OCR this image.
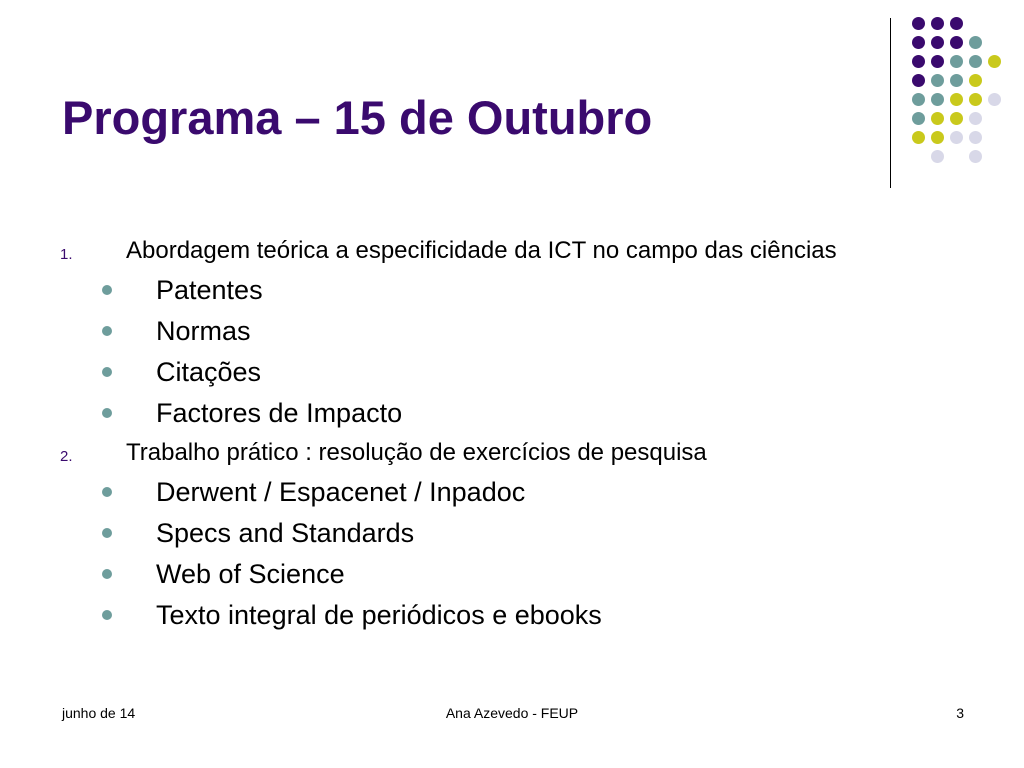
Programa – 15 de Outubro
1. Abordagem teórica a especificidade da ICT no campo das ciências
Patentes
Normas
Citações
Factores de Impacto
2. Trabalho prático : resolução de exercícios de pesquisa
Derwent / Espacenet / Inpadoc
Specs and Standards
Web of Science
Texto integral de periódicos e ebooks
junho de 14	Ana Azevedo - FEUP	3
